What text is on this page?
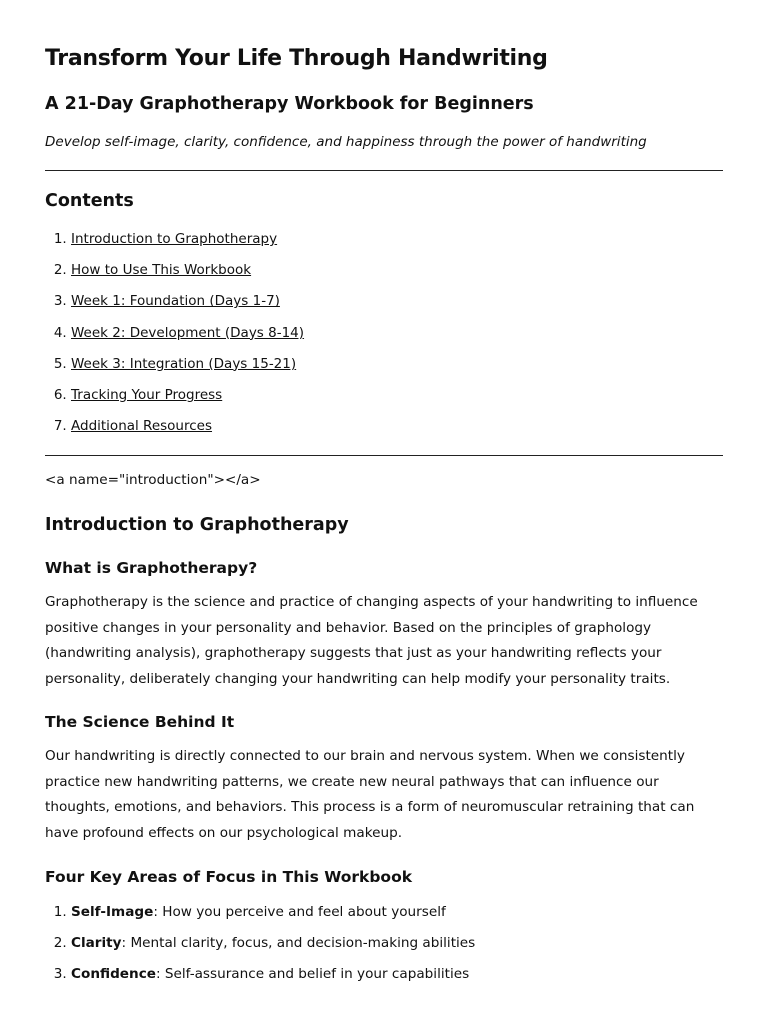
Transform Your Life Through Handwriting
A 21-Day Graphotherapy Workbook for Beginners

Develop self-image, clarity, confidence, and happiness through the power of handwriting

Contents
1. Introduction to Graphotherapy
2. How to Use This Workbook
3. Week 1: Foundation (Days 1-7)
4. Week 2: Development (Days 8-14)
5. Week 3: Integration (Days 15-21)
6. Tracking Your Progress
7. Additional Resources
<a name="introduction"></a>
Introduction to Graphotherapy
What is Graphotherapy?

Graphotherapy is the science and practice of changing aspects of your handwriting to influence positive changes in your personality and behavior. Based on the principles of graphology (handwriting analysis), graphotherapy suggests that just as your handwriting reflects your personality, deliberately changing your handwriting can help modify your personality traits.

The Science Behind It

Our handwriting is directly connected to our brain and nervous system. When we consistently practice new handwriting patterns, we create new neural pathways that can influence our thoughts, emotions, and behaviors. This process is a form of neuromuscular retraining that can have profound effects on our psychological makeup.

Four Key Areas of Focus in This Workbook
1. Self-Image: How you perceive and feel about yourself
2. Clarity: Mental clarity, focus, and decision-making abilities
3. Confidence: Self-assurance and belief in your capabilities
